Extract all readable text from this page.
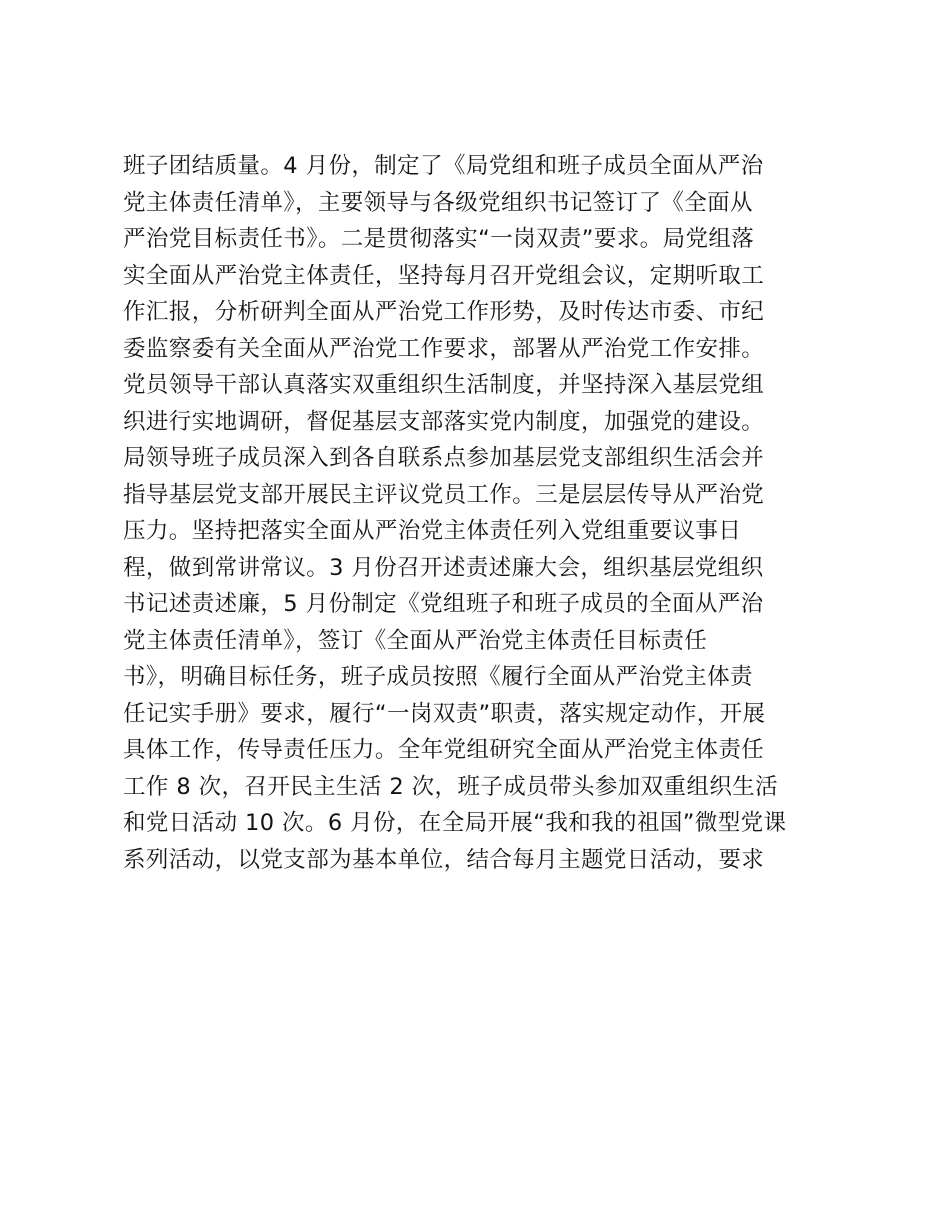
班子团结质量。4 月份，制定了《局党组和班子成员全面从严治
党主体责任清单》，主要领导与各级党组织书记签订了《全面从
严治党目标责任书》。二是贯彻落实“一岗双责”要求。局党组落
实全面从严治党主体责任，坚持每月召开党组会议，定期听取工
作汇报，分析研判全面从严治党工作形势，及时传达市委、市纪
委监察委有关全面从严治党工作要求，部署从严治党工作安排。
党员领导干部认真落实双重组织生活制度，并坚持深入基层党组
织进行实地调研，督促基层支部落实党内制度，加强党的建设。
局领导班子成员深入到各自联系点参加基层党支部组织生活会并
指导基层党支部开展民主评议党员工作。三是层层传导从严治党
压力。坚持把落实全面从严治党主体责任列入党组重要议事日
程，做到常讲常议。3 月份召开述责述廉大会，组织基层党组织
书记述责述廉，5 月份制定《党组班子和班子成员的全面从严治
党主体责任清单》，签订《全面从严治党主体责任目标责任
书》，明确目标任务，班子成员按照《履行全面从严治党主体责
任记实手册》要求，履行“一岗双责”职责，落实规定动作，开展
具体工作，传导责任压力。全年党组研究全面从严治党主体责任
工作 8 次，召开民主生活 2 次，班子成员带头参加双重组织生活
和党日活动 10 次。6 月份，在全局开展“我和我的祖国”微型党课
系列活动，以党支部为基本单位，结合每月主题党日活动，要求
